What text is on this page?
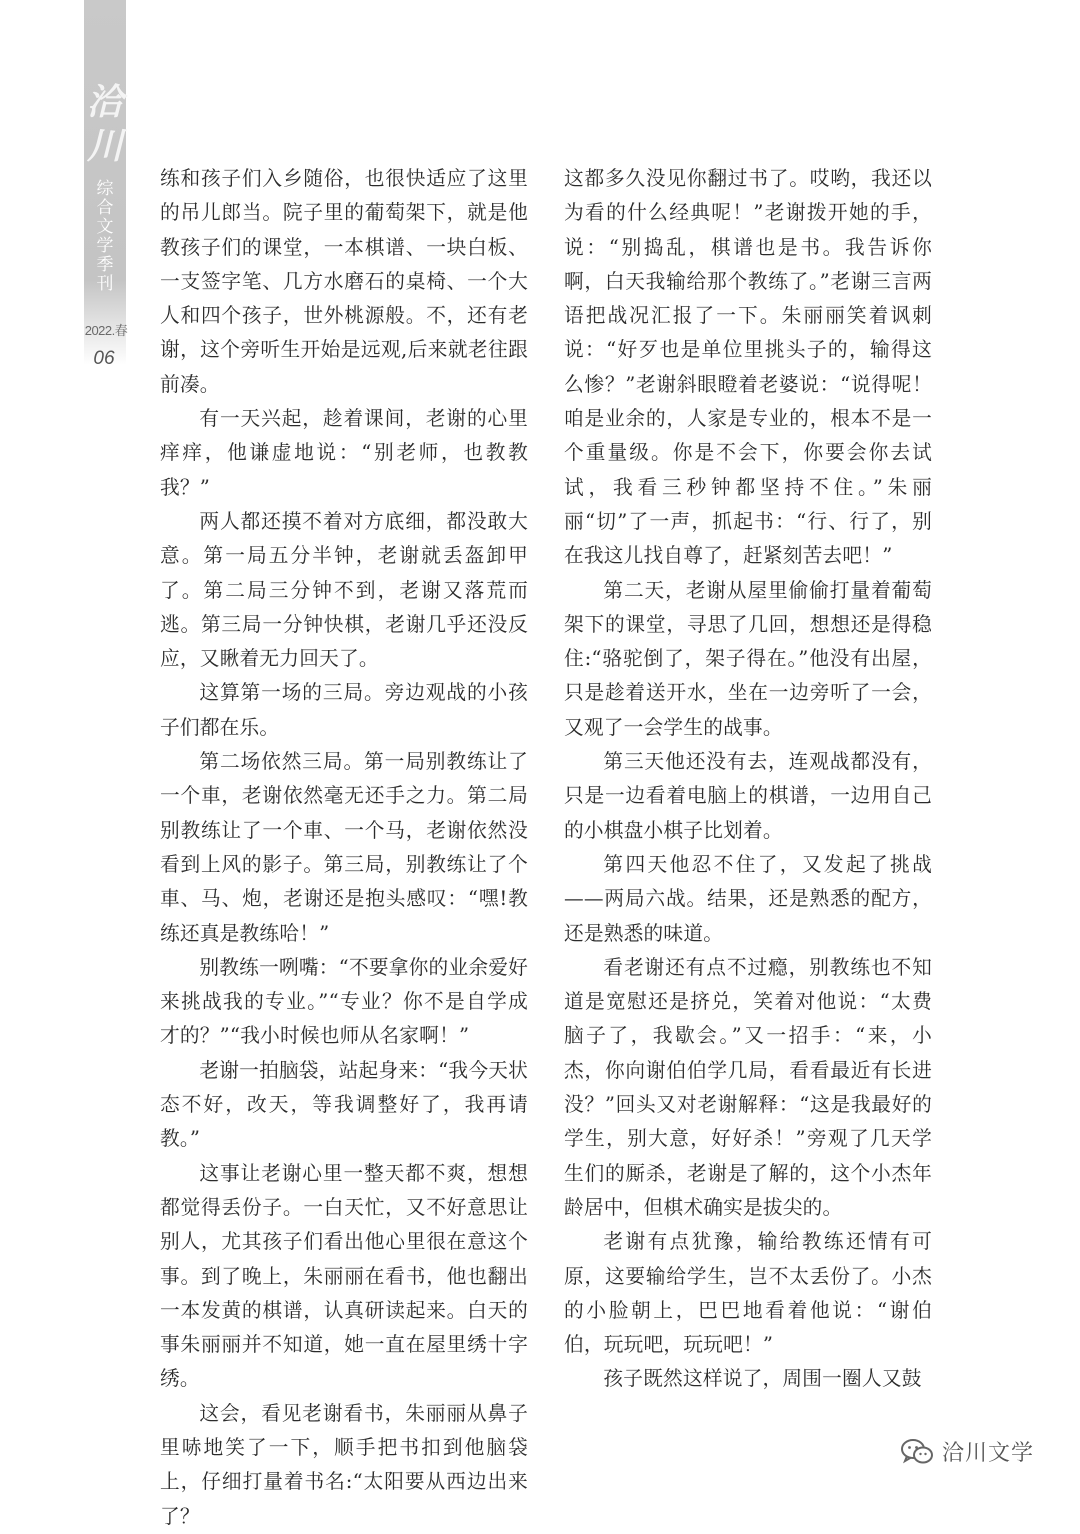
洽
川
综
合
文
学
季
刊
2022.春
06

练和孩子们入乡随俗，也很快适应了这里的吊儿郎当。院子里的葡萄架下，就是他教孩子们的课堂，一本棋谱、一块白板、一支签字笔、几方水磨石的桌椅、一个大人和四个孩子，世外桃源般。不，还有老谢，这个旁听生开始是远观,后来就老往跟前凑。

有一天兴起，趁着课间，老谢的心里痒痒，他谦虚地说：“别老师，也教教我？”

两人都还摸不着对方底细，都没敢大意。第一局五分半钟，老谢就丢盔卸甲了。第二局三分钟不到，老谢又落荒而逃。第三局一分钟快棋，老谢几乎还没反应，又瞅着无力回天了。

这算第一场的三局。旁边观战的小孩子们都在乐。

第二场依然三局。第一局别教练让了一个車，老谢依然毫无还手之力。第二局别教练让了一个車、一个马，老谢依然没看到上风的影子。第三局，别教练让了个車、马、炮，老谢还是抱头感叹：“嘿!教练还真是教练哈！”

别教练一咧嘴：“不要拿你的业余爱好来挑战我的专业。”“专业？你不是自学成才的？”“我小时候也师从名家啊！”

老谢一拍脑袋，站起身来：“我今天状态不好，改天，等我调整好了，我再请教。”

这事让老谢心里一整天都不爽，想想都觉得丢份子。一白天忙，又不好意思让别人，尤其孩子们看出他心里很在意这个事。到了晚上，朱丽丽在看书，他也翻出一本发黄的棋谱，认真研读起来。白天的事朱丽丽并不知道，她一直在屋里绣十字绣。

这会，看见老谢看书，朱丽丽从鼻子里哧地笑了一下，顺手把书扣到他脑袋上，仔细打量着书名:“太阳要从西边出来了？

这都多久没见你翻过书了。哎哟，我还以为看的什么经典呢！”老谢拨开她的手，说：“别捣乱，棋谱也是书。我告诉你啊，白天我输给那个教练了。”老谢三言两语把战况汇报了一下。朱丽丽笑着讽刺说：“好歹也是单位里挑头子的，输得这么惨？”老谢斜眼瞪着老婆说：“说得呢！咱是业余的，人家是专业的，根本不是一个重量级。你是不会下，你要会你去试试，我看三秒钟都坚持不住。”朱丽丽“切”了一声，抓起书：“行、行了，别在我这儿找自尊了，赶紧刻苦去吧！”

第二天，老谢从屋里偷偷打量着葡萄架下的课堂，寻思了几回，想想还是得稳住:“骆驼倒了，架子得在。”他没有出屋，只是趁着送开水，坐在一边旁听了一会，又观了一会学生的战事。

第三天他还没有去，连观战都没有，只是一边看着电脑上的棋谱，一边用自己的小棋盘小棋子比划着。

第四天他忍不住了，又发起了挑战——两局六战。结果，还是熟悉的配方，还是熟悉的味道。

看老谢还有点不过瘾，别教练也不知道是宽慰还是挤兑，笑着对他说：“太费脑子了，我歇会。”又一招手：“来，小杰，你向谢伯伯学几局，看看最近有长进没？”回头又对老谢解释：“这是我最好的学生，别大意，好好杀！”旁观了几天学生们的厮杀，老谢是了解的，这个小杰年龄居中，但棋术确实是拔尖的。

老谢有点犹豫，输给教练还情有可原，这要输给学生，岂不太丢份了。小杰的小脸朝上，巴巴地看着他说：“谢伯伯，玩玩吧，玩玩吧！”

孩子既然这样说了，周围一圈人又鼓

洽川文学
